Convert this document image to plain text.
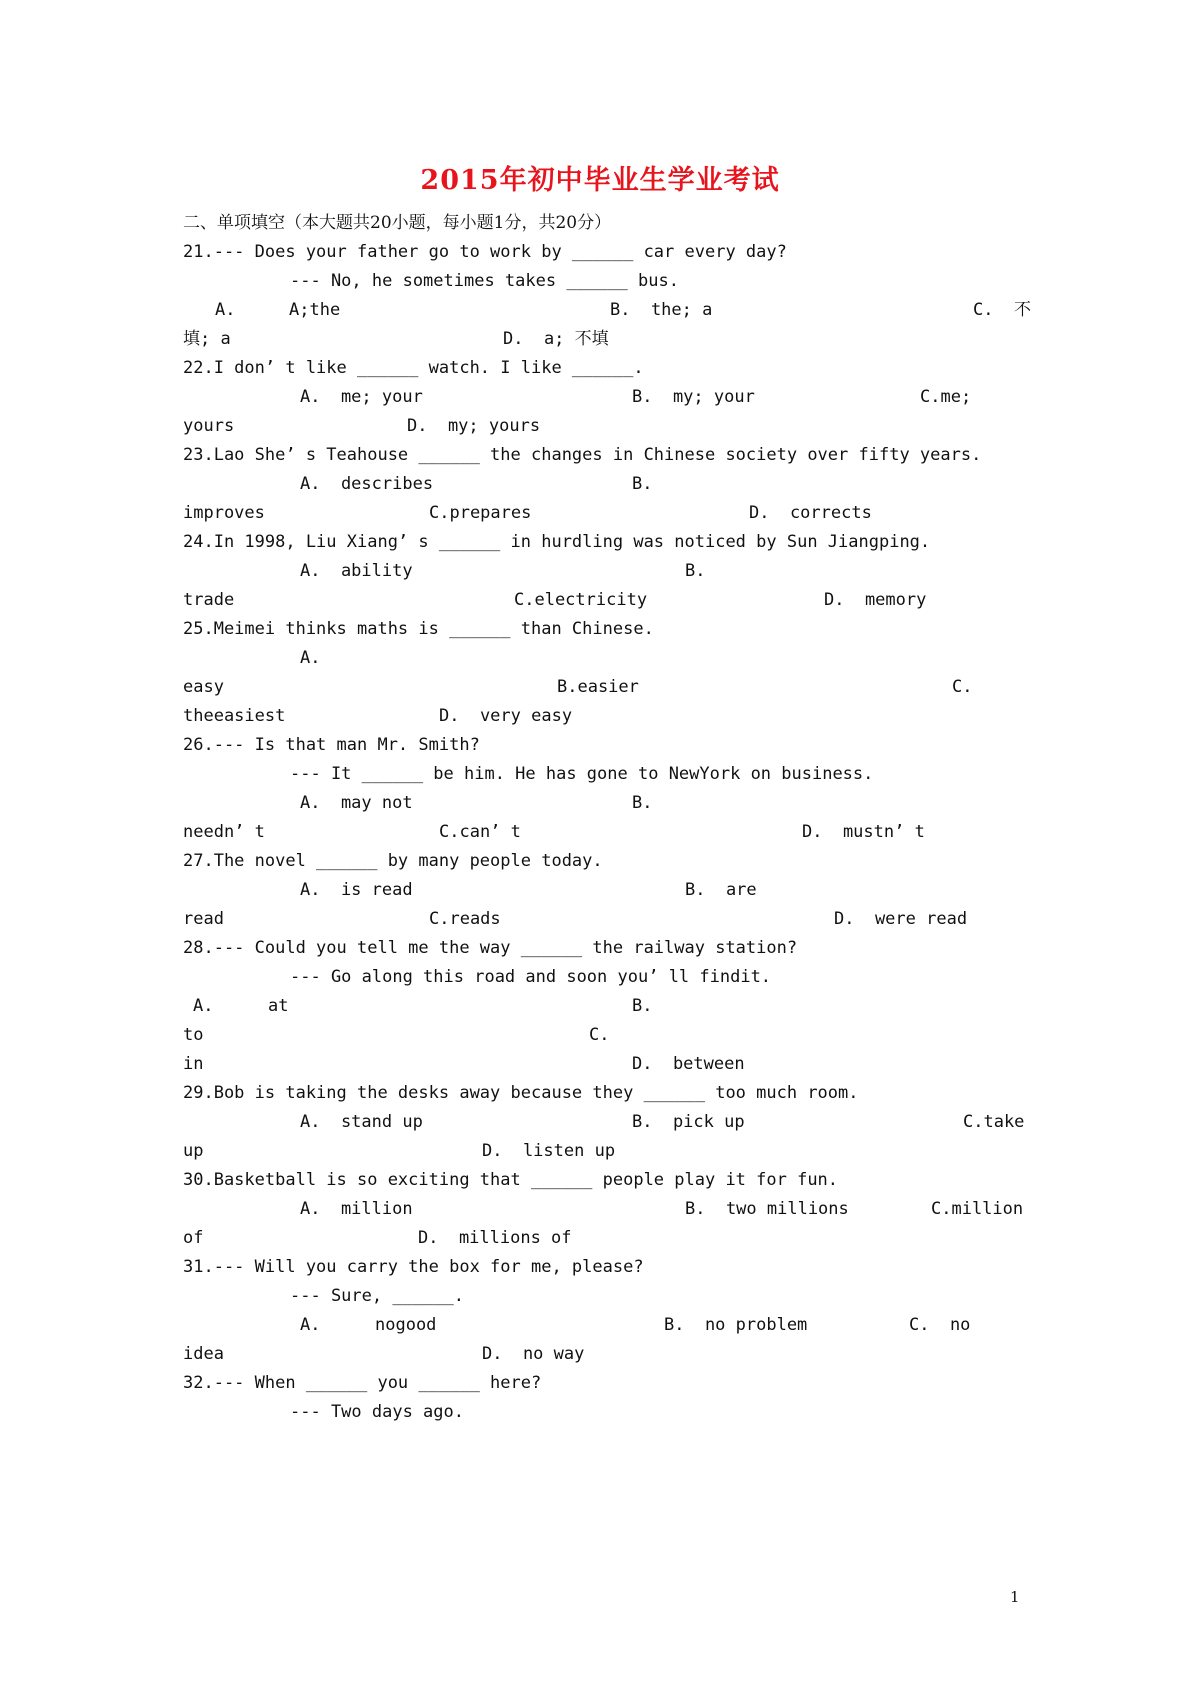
2015年初中毕业生学业考试
二、单项填空（本大题共20小题，每小题1分，共20分）
21.--- Does your father go to work by ______ car every day?
--- No, he sometimes takes ______ bus.
A.	A;the	B.  the; a	C.  不
填; a	D.  a; 不填
22.I don’ t like ______ watch. I like ______.
A.  me; your	B.  my; your	C.me;
yours	D.  my; yours
23.Lao She’ s Teahouse ______ the changes in Chinese society over fifty years.
A.  describes	B.
improves	C.prepares	D.  corrects
24.In 1998, Liu Xiang’ s ______ in hurdling was noticed by Sun Jiangping.
A.  ability	B.
trade	C.electricity	D.  memory
25.Meimei thinks maths is ______ than Chinese.
A.
easy	B.easier	C.
theeasiest	D.  very easy
26.--- Is that man Mr. Smith?
--- It ______ be him. He has gone to NewYork on business.
A.  may not	B.
needn’ t	C.can’ t	D.  mustn’ t
27.The novel ______ by many people today.
A.  is read	B.  are
read	C.reads	D.  were read
28.--- Could you tell me the way ______ the railway station?
--- Go along this road and soon you’ ll findit.
A.	at	B.
to	C.
in	D.  between
29.Bob is taking the desks away because they ______ too much room.
A.  stand up	B.  pick up	C.take
up	D.  listen up
30.Basketball is so exciting that ______ people play it for fun.
A.  million	B.  two millions	C.million
of	D.  millions of
31.--- Will you carry the box for me, please?
--- Sure, ______.
A.	nogood	B.  no problem	C.  no
idea	D.  no way
32.--- When ______ you ______ here?
--- Two days ago.
1
